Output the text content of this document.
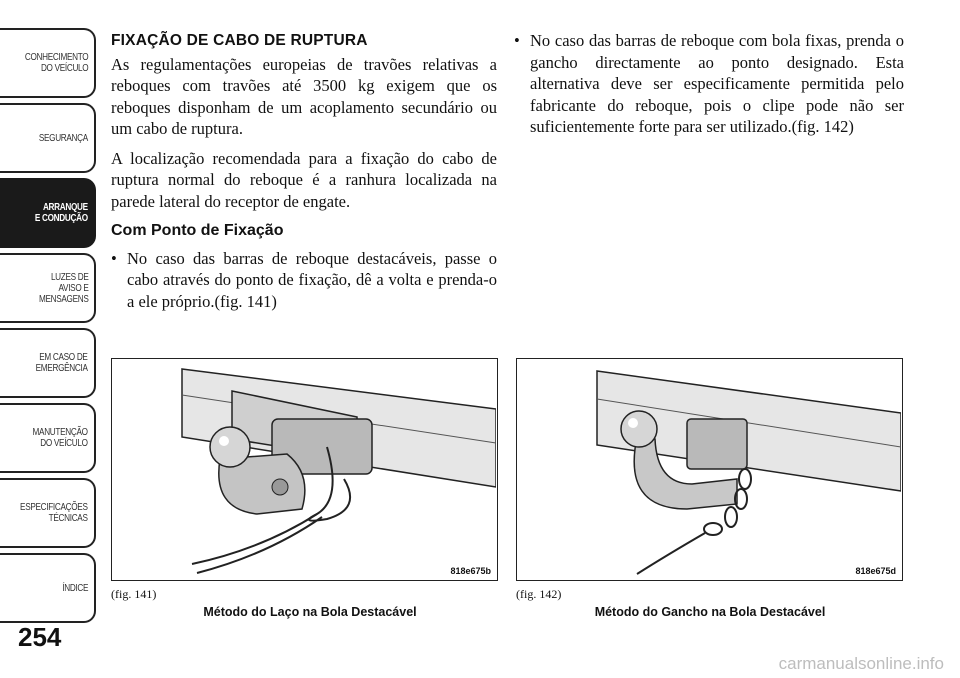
CONHECIMENTO
DO VEÍCULO
SEGURANÇA
ARRANQUE
E CONDUÇÃO
LUZES DE
AVISO E
MENSAGENS
EM CASO DE
EMERGÊNCIA
MANUTENÇÃO
DO VEÍCULO
ESPECIFICAÇÕES
TÉCNICAS
ÍNDICE
254
FIXAÇÃO DE CABO DE RUPTURA

As regulamentações europeias de travões relativas a reboques com travões até 3500 kg exigem que os reboques disponham de um acoplamento secundário ou um cabo de ruptura.

A localização recomendada para a fixação do cabo de ruptura normal do reboque é a ranhura localizada na parede lateral do receptor de engate.

Com Ponto de Fixação
• No caso das barras de reboque destacáveis, passe o cabo através do ponto de fixação, dê a volta e prenda-o a ele próprio.(fig. 141)
• No caso das barras de reboque com bola fixas, prenda o gancho directamente ao ponto designado. Esta alternativa deve ser especificamente permitida pelo fabricante do reboque, pois o clipe pode não ser suficientemente forte para ser utilizado.(fig. 142)
818e675b
(fig. 141)
Método do Laço na Bola Destacável
818e675d
(fig. 142)
Método do Gancho na Bola Destacável
carmanualsonline.info
